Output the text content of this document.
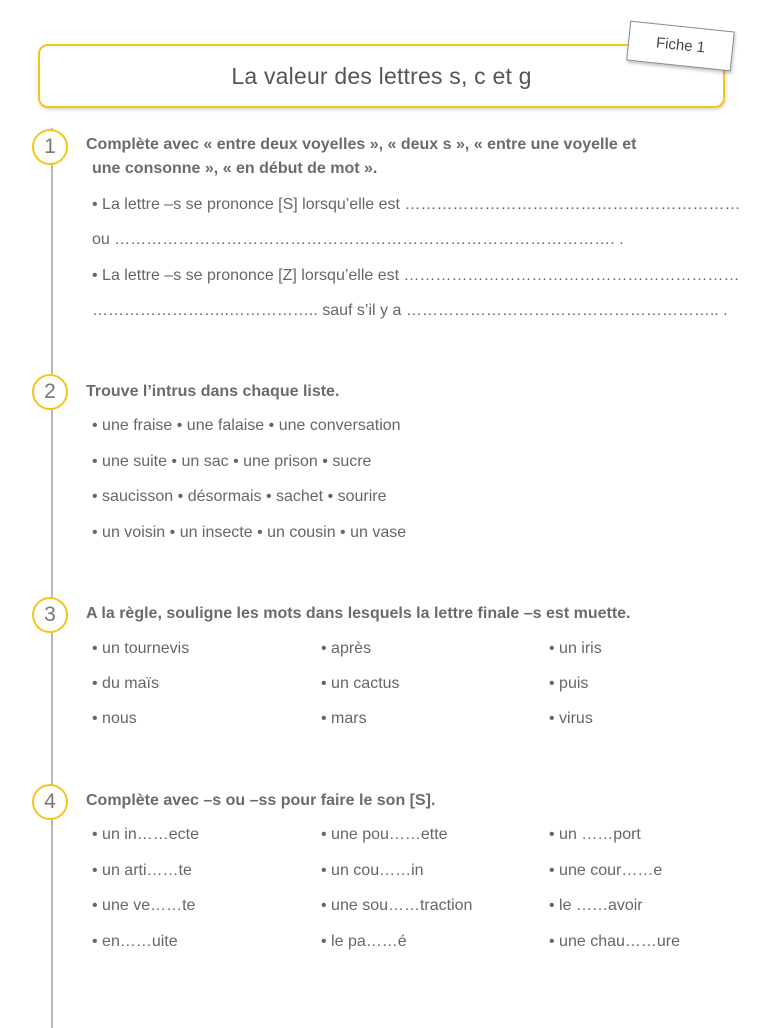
La valeur des lettres s, c et g
Fiche 1
1	Complète avec « entre deux voyelles », « deux s », « entre une voyelle et
une consonne », « en début de mot ».
• La lettre –s se prononce [S] lorsqu’elle est ………………………………………………………
ou …………………………………………………………………………………. .
• La lettre –s se prononce [Z] lorsqu’elle est ………………………………………………………
……………………..…………….. sauf s’il y a ………………………………………………….. .
2	Trouve l’intrus dans chaque liste.
• une fraise • une falaise • une conversation
• une suite • un sac • une prison • sucre
• saucisson • désormais • sachet • sourire
• un voisin • un insecte • un cousin • un vase
3	A la règle, souligne les mots dans lesquels la lettre finale –s est muette.
• un tournevis	• après	• un iris
• du maïs	• un cactus	• puis
• nous	• mars	• virus
4	Complète avec –s ou –ss pour faire le son [S].
• un in……ecte	• une pou……ette	• un ……port
• un arti……te	• un cou……in	• une cour……e
• une ve……te	• une sou……traction	• le ……avoir
• en……uite	• le pa……é	• une chau……ure
